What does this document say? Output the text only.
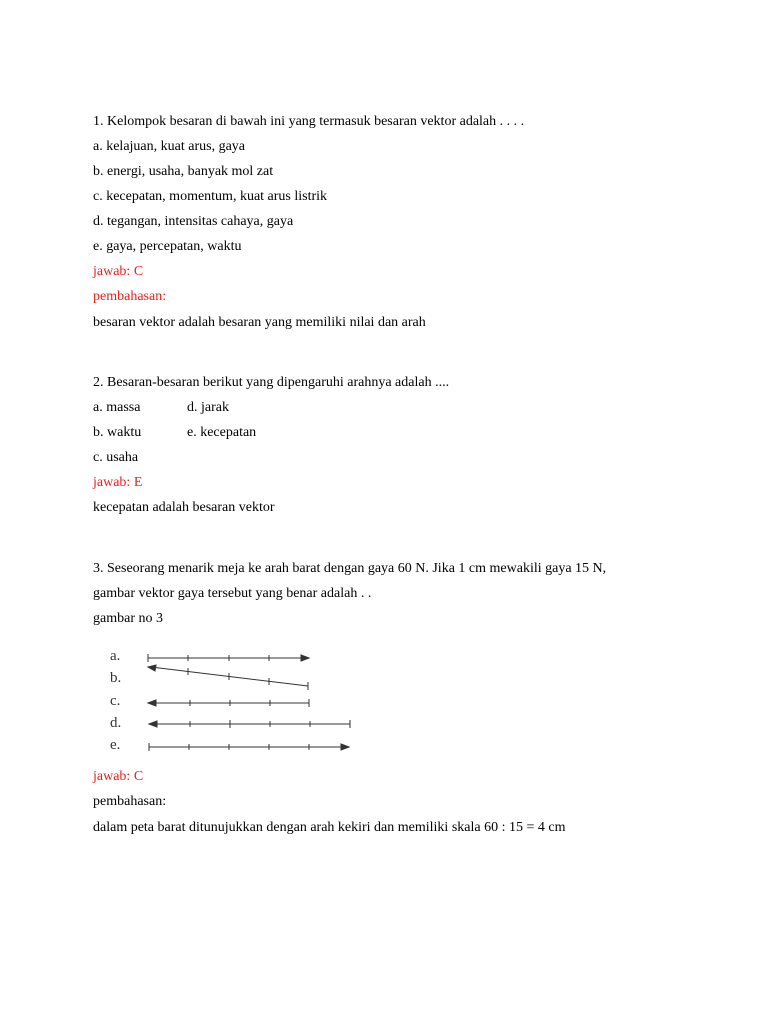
1. Kelompok besaran di bawah ini yang termasuk besaran vektor adalah . . . .
a. kelajuan, kuat arus, gaya
b. energi, usaha, banyak mol zat
c. kecepatan, momentum, kuat arus listrik
d. tegangan, intensitas cahaya, gaya
e. gaya, percepatan, waktu
jawab: C
pembahasan:
besaran vektor adalah besaran yang memiliki nilai dan arah
2. Besaran-besaran berikut yang dipengaruhi arahnya adalah ....
a. massa	d. jarak
b. waktu	e. kecepatan
c. usaha
jawab: E
kecepatan adalah besaran vektor
3. Seseorang menarik meja ke arah barat dengan gaya 60 N. Jika 1 cm mewakili gaya 15 N,
gambar vektor gaya tersebut yang benar adalah . .
gambar no 3
a.
b.
c.
d.
e.
jawab: C
pembahasan:
dalam peta barat ditunujukkan dengan arah kekiri dan memiliki skala 60 : 15 = 4 cm
